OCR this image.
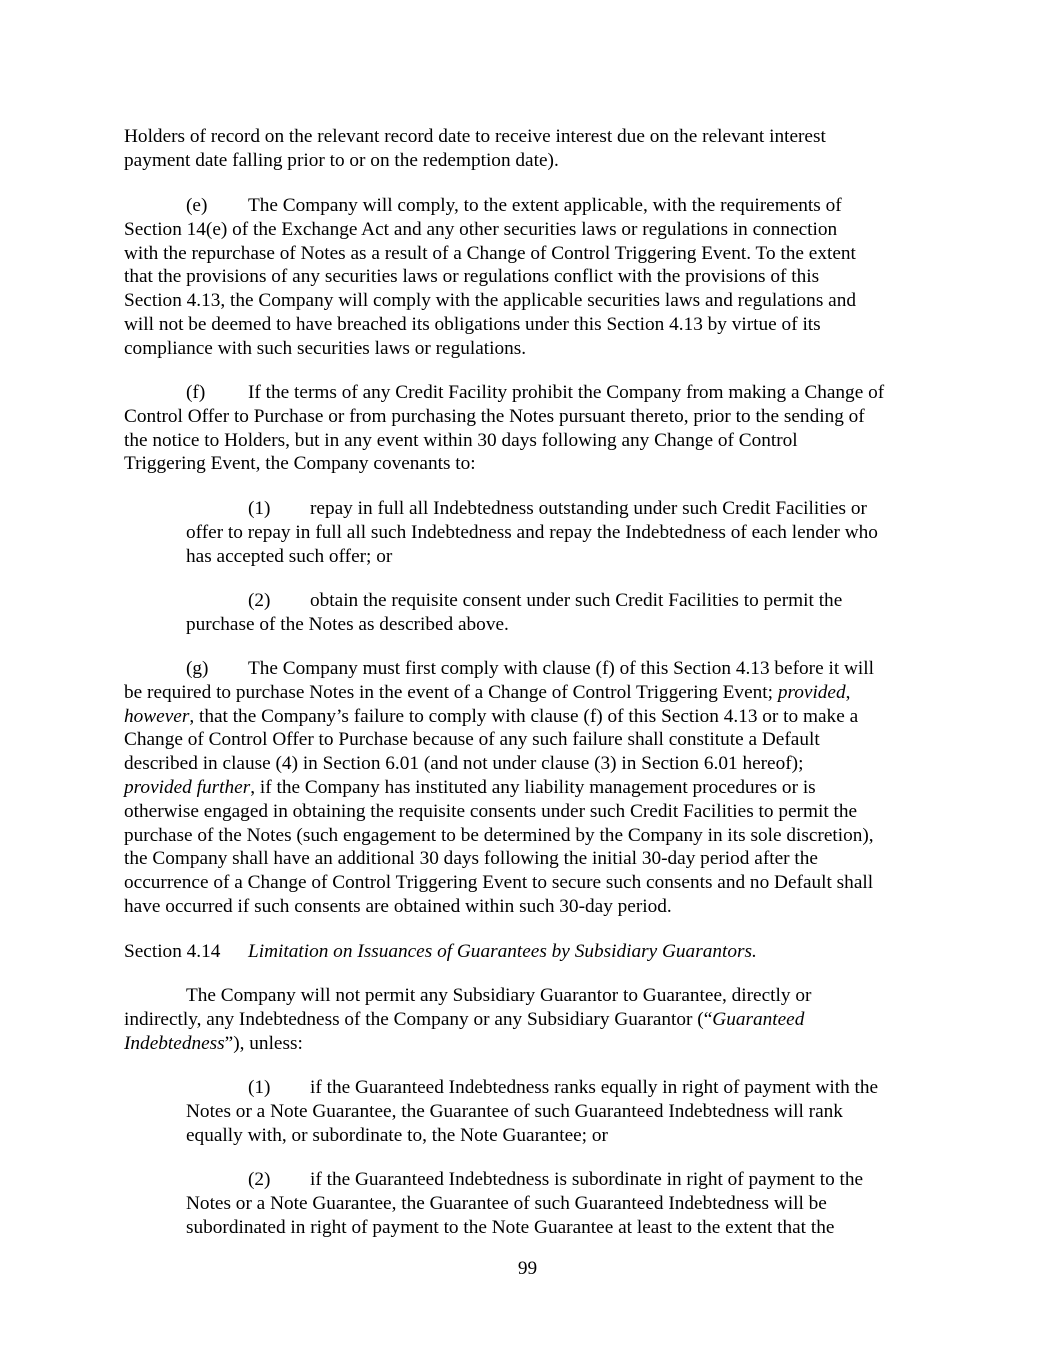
Holders of record on the relevant record date to receive interest due on the relevant interest
payment date falling prior to or on the redemption date).
(e) The Company will comply, to the extent applicable, with the requirements of
Section 14(e) of the Exchange Act and any other securities laws or regulations in connection
with the repurchase of Notes as a result of a Change of Control Triggering Event. To the extent
that the provisions of any securities laws or regulations conflict with the provisions of this
Section 4.13, the Company will comply with the applicable securities laws and regulations and
will not be deemed to have breached its obligations under this Section 4.13 by virtue of its
compliance with such securities laws or regulations.
(f) If the terms of any Credit Facility prohibit the Company from making a Change of
Control Offer to Purchase or from purchasing the Notes pursuant thereto, prior to the sending of
the notice to Holders, but in any event within 30 days following any Change of Control
Triggering Event, the Company covenants to:
(1) repay in full all Indebtedness outstanding under such Credit Facilities or
offer to repay in full all such Indebtedness and repay the Indebtedness of each lender who
has accepted such offer; or
(2) obtain the requisite consent under such Credit Facilities to permit the
purchase of the Notes as described above.
(g) The Company must first comply with clause (f) of this Section 4.13 before it will
be required to purchase Notes in the event of a Change of Control Triggering Event; provided,
however, that the Company’s failure to comply with clause (f) of this Section 4.13 or to make a
Change of Control Offer to Purchase because of any such failure shall constitute a Default
described in clause (4) in Section 6.01 (and not under clause (3) in Section 6.01 hereof);
provided further, if the Company has instituted any liability management procedures or is
otherwise engaged in obtaining the requisite consents under such Credit Facilities to permit the
purchase of the Notes (such engagement to be determined by the Company in its sole discretion),
the Company shall have an additional 30 days following the initial 30-day period after the
occurrence of a Change of Control Triggering Event to secure such consents and no Default shall
have occurred if such consents are obtained within such 30-day period.
Section 4.14 Limitation on Issuances of Guarantees by Subsidiary Guarantors.
The Company will not permit any Subsidiary Guarantor to Guarantee, directly or
indirectly, any Indebtedness of the Company or any Subsidiary Guarantor (“Guaranteed
Indebtedness”), unless:
(1) if the Guaranteed Indebtedness ranks equally in right of payment with the
Notes or a Note Guarantee, the Guarantee of such Guaranteed Indebtedness will rank
equally with, or subordinate to, the Note Guarantee; or
(2) if the Guaranteed Indebtedness is subordinate in right of payment to the
Notes or a Note Guarantee, the Guarantee of such Guaranteed Indebtedness will be
subordinated in right of payment to the Note Guarantee at least to the extent that the
99
